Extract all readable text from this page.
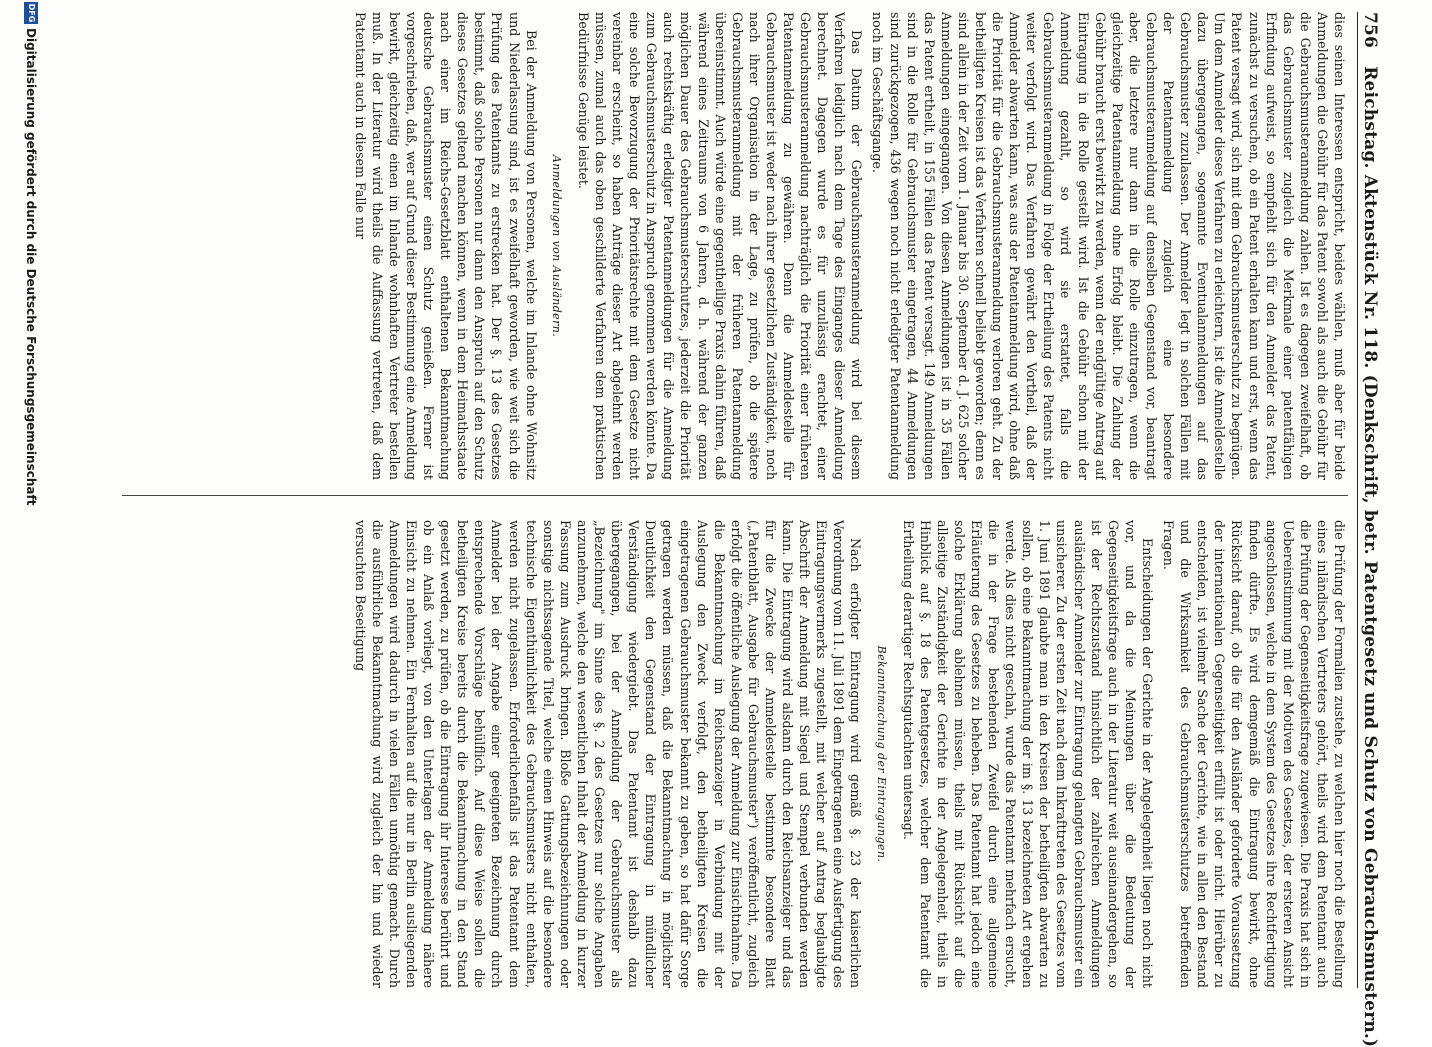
756 Reichstag. Aktenstück Nr. 118. (Denkschrift, betr. Patentgesetz und Schutz von Gebrauchsmustern.)

dies seinen Interessen entspricht, beides wählen, muß aber für beide Anmeldungen die Gebühr für das Patent sowohl als auch die Gebühr für die Gebrauchsmusteranmeldung zahlen. Ist es dagegen zweifelhaft, ob das Gebrauchsmuster zugleich die Merkmale einer patentfähigen Erfindung aufweist, so empfiehlt sich für den Anmelder das Patent, zunächst zu versuchen, ob ein Patent erhalten kann und erst, wenn das Patent versagt wird, sich mit dem Gebrauchsmusterschutz zu begnügen. Um dem Anmelder dieses Verfahren zu erleichtern, ist die Anmeldestelle dazu übergegangen, sogenannte Eventualanmeldungen auf das Gebrauchsmuster zuzulassen. Der Anmelder legt in solchen Fällen mit der Patentanmeldung zugleich eine besondere Gebrauchsmusteranmeldung auf denselben Gegenstand vor, beantragt aber, die letztere nur dann in die Rolle einzutragen, wenn die gleichzeitige Patentanmeldung ohne Erfolg bleibt. Die Zahlung der Gebühr braucht erst bewirkt zu werden, wenn der endgültige Antrag auf Eintragung in die Rolle gestellt wird. Ist die Gebühr schon mit der Anmeldung gezahlt, so wird sie erstattet, falls die Gebrauchsmusteranmeldung in Folge der Ertheilung des Patents nicht weiter verfolgt wird. Das Verfahren gewährt den Vortheil, daß der Anmelder abwarten kann, was aus der Patentanmeldung wird, ohne daß die Priorität für die Gebrauchsmusteranmeldung verloren geht. Zu der betheiligten Kreisen ist das Verfahren schnell beliebt geworden; denn es sind allein in der Zeit vom 1. Januar bis 30. September d. J. 625 solcher Anmeldungen eingegangen. Von diesen Anmeldungen ist in 35 Fällen das Patent ertheilt, in 155 Fällen das Patent versagt. 149 Anmeldungen sind in die Rolle für Gebrauchsmuster eingetragen, 44 Anmeldungen sind zurückgezogen, 436 wegen noch nicht erledigter Patentanmeldung noch im Geschäftsgange.

Das Datum der Gebrauchsmusteranmeldung wird bei diesem Verfahren lediglich nach dem Tage des Einganges dieser Anmeldung berechnet. Dagegen wurde es für unzulässig erachtet, einer Gebrauchsmusteranmeldung nachträglich die Priorität einer früheren Patentanmeldung zu gewähren. Denn die Anmeldestelle für Gebrauchsmuster ist weder nach ihrer gesetzlichen Zuständigkeit, noch nach ihrer Organisation in der Lage, zu prüfen, ob die spätere Gebrauchsmusteranmeldung mit der früheren Patentanmeldung übereinstimmt. Auch würde eine gegentheilige Praxis dahin führen, daß während eines Zeitraums von 6 Jahren, d. h. während der ganzen möglichen Dauer des Gebrauchsmusterschutzes, jederzeit die Priorität auch rechtskräftig erledigter Patentanmeldungen für die Anmeldung zum Gebrauchsmusterschutz in Anspruch genommen werden könnte. Da eine solche Bevorzugung der Prioritätsrechte mit dem Gesetze nicht vereinbar erscheint, so haben Anträge dieser Art abgelehnt werden müssen, zumal auch das oben geschilderte Verfahren dem praktischen Bedürfnisse Genüge leistet.

Anmeldungen von Ausländern.

Bei der Anmeldung von Personen, welche im Inlande ohne Wohnsitz und Niederlassung sind, ist es zweifelhaft geworden, wie weit sich die Prüfung des Patentamts zu erstrecken hat. Der §. 13 des Gesetzes bestimmt, daß solche Personen nur dann den Anspruch auf den Schutz dieses Gesetzes geltend machen können, wenn in dem Heimathsstaate nach einer im Reichs-Gesetzblatt enthaltenen Bekanntmachung deutsche Gebrauchsmuster einen Schutz genießen. Ferner ist vorgeschrieben, daß, wer auf Grund dieser Bestimmung eine Anmeldung bewirkt, gleichzeitig einen im Inlande wohnhaften Vertreter bestellen muß. In der Literatur wird theils die Auffassung vertreten, daß dem Patentamt auch in diesem Falle nur

die Prüfung der Formalien zustehe, zu welchen hier noch die Bestellung eines inländischen Vertreters gehört, theils wird dem Patentamt auch die Prüfung der Gegenseitigkeitsfrage zugewiesen. Die Praxis hat sich in Uebereinstimmung mit der Motiven des Gesetzes, der ersteren Ansicht angeschlossen, welche in dem System des Gesetzes ihre Rechtfertigung finden dürfte. Es wird demgemäß die Eintragung bewirkt, ohne Rücksicht darauf, ob die für den Ausländer geforderte Voraussetzung der internationalen Gegenseitigkeit erfüllt ist oder nicht. Hierüber zu entscheiden, ist vielmehr Sache der Gerichte, wie in allen den Bestand und die Wirksamkeit des Gebrauchsmusterschutzes betreffenden Fragen.

Entscheidungen der Gerichte in der Angelegenheit liegen noch nicht vor, und da die Meinungen über die Bedeutung der Gegenseitigkeitsfrage auch in der Literatur weit auseinandergehen, so ist der Rechtszustand hinsichtlich der zahlreichen Anmeldungen ausländischer Anmelder zur Eintragung gelangten Gebrauchsmuster ein unsicherer. Zu der ersten Zeit nach dem Inkrafttreten des Gesetzes vom 1. Juni 1891 glaubte man in den Kreisen der betheiligten abwarten zu sollen, ob eine Bekanntmachung der im §. 13 bezeichneten Art ergehen werde. Als dies nicht geschah, wurde das Patentamt mehrfach ersucht, die in der Frage bestehenden Zweifel durch eine allgemeine Erläuterung des Gesetzes zu beheben. Das Patentamt hat jedoch eine solche Erklärung ablehnen müssen, theils mit Rücksicht auf die allseitige Zuständigkeit der Gerichte in der Angelegenheit, theils in Hinblick auf §. 18 des Patentgesetzes, welcher dem Patentamt die Ertheilung derartiger Rechtsgutachten untersagt.

Bekanntmachung der Eintragungen.

Nach erfolgter Eintragung wird gemäß §. 23 der kaiserlichen Verordnung vom 11. Juli 1891 dem Eingetragenen eine Ausfertigung des Eintragungsvermerks zugestellt, mit welcher auf Antrag beglaubigte Abschrift der Anmeldung mit Siegel und Stempel verbunden werden kann. Die Eintragung wird alsdann durch den Reichsanzeiger und das für die Zwecke der Anmeldestelle bestimmte besondere Blatt („Patentblatt, Ausgabe für Gebrauchsmuster") veröffentlicht, zugleich erfolgt die öffentliche Auslegung der Anmeldung zur Einsichtnahme. Da die Bekanntmachung im Reichsanzeiger in Verbindung mit der Auslegung den Zweck verfolgt, den betheiligten Kreisen die eingetragenen Gebrauchsmuster bekannt zu geben, so hat dafür Sorge getragen werden müssen, daß die Bekanntmachung in möglichster Deutlichkeit den Gegenstand der Eintragung in mündlicher Verständigung wiedergiebt. Das Patentamt ist deshalb dazu übergegangen, bei der Anmeldung der Gebrauchsmuster als „Bezeichnung" im Sinne des §. 2 des Gesetzes nur solche Angaben anzunehmen, welche den wesentlichen Inhalt der Anmeldung in kurzer Fassung zum Ausdruck bringen. Bloße Gattungsbezeichnungen oder sonstige nichtssagende Titel, welche einen Hinweis auf die besondere technische Eigenthümlichkeit des Gebrauchsmusters nicht enthalten, werden nicht zugelassen. Erforderlichenfalls ist das Patentamt dem Anmelder bei der Angabe einer geeigneten Bezeichnung durch entsprechende Vorschläge behülflich. Auf diese Weise sollen die betheiligten Kreise bereits durch die Bekanntmachung in den Stand gesetzt werden, zu prüfen, ob die Eintragung ihr Interesse berührt und ob ein Anlaß vorliegt, von den Unterlagen der Anmeldung nähere Einsicht zu nehmen. Ein Fernhalten auf die nur in Berlin ausliegenden Anmeldungen wird dadurch in vielen Fällen unnöthig gemacht. Durch die ausführliche Bekanntmachung wird zugleich der hin und wieder versuchten Beseitigung

DFG
Digitalisierung gefördert durch die Deutsche Forschungsgemeinschaft
